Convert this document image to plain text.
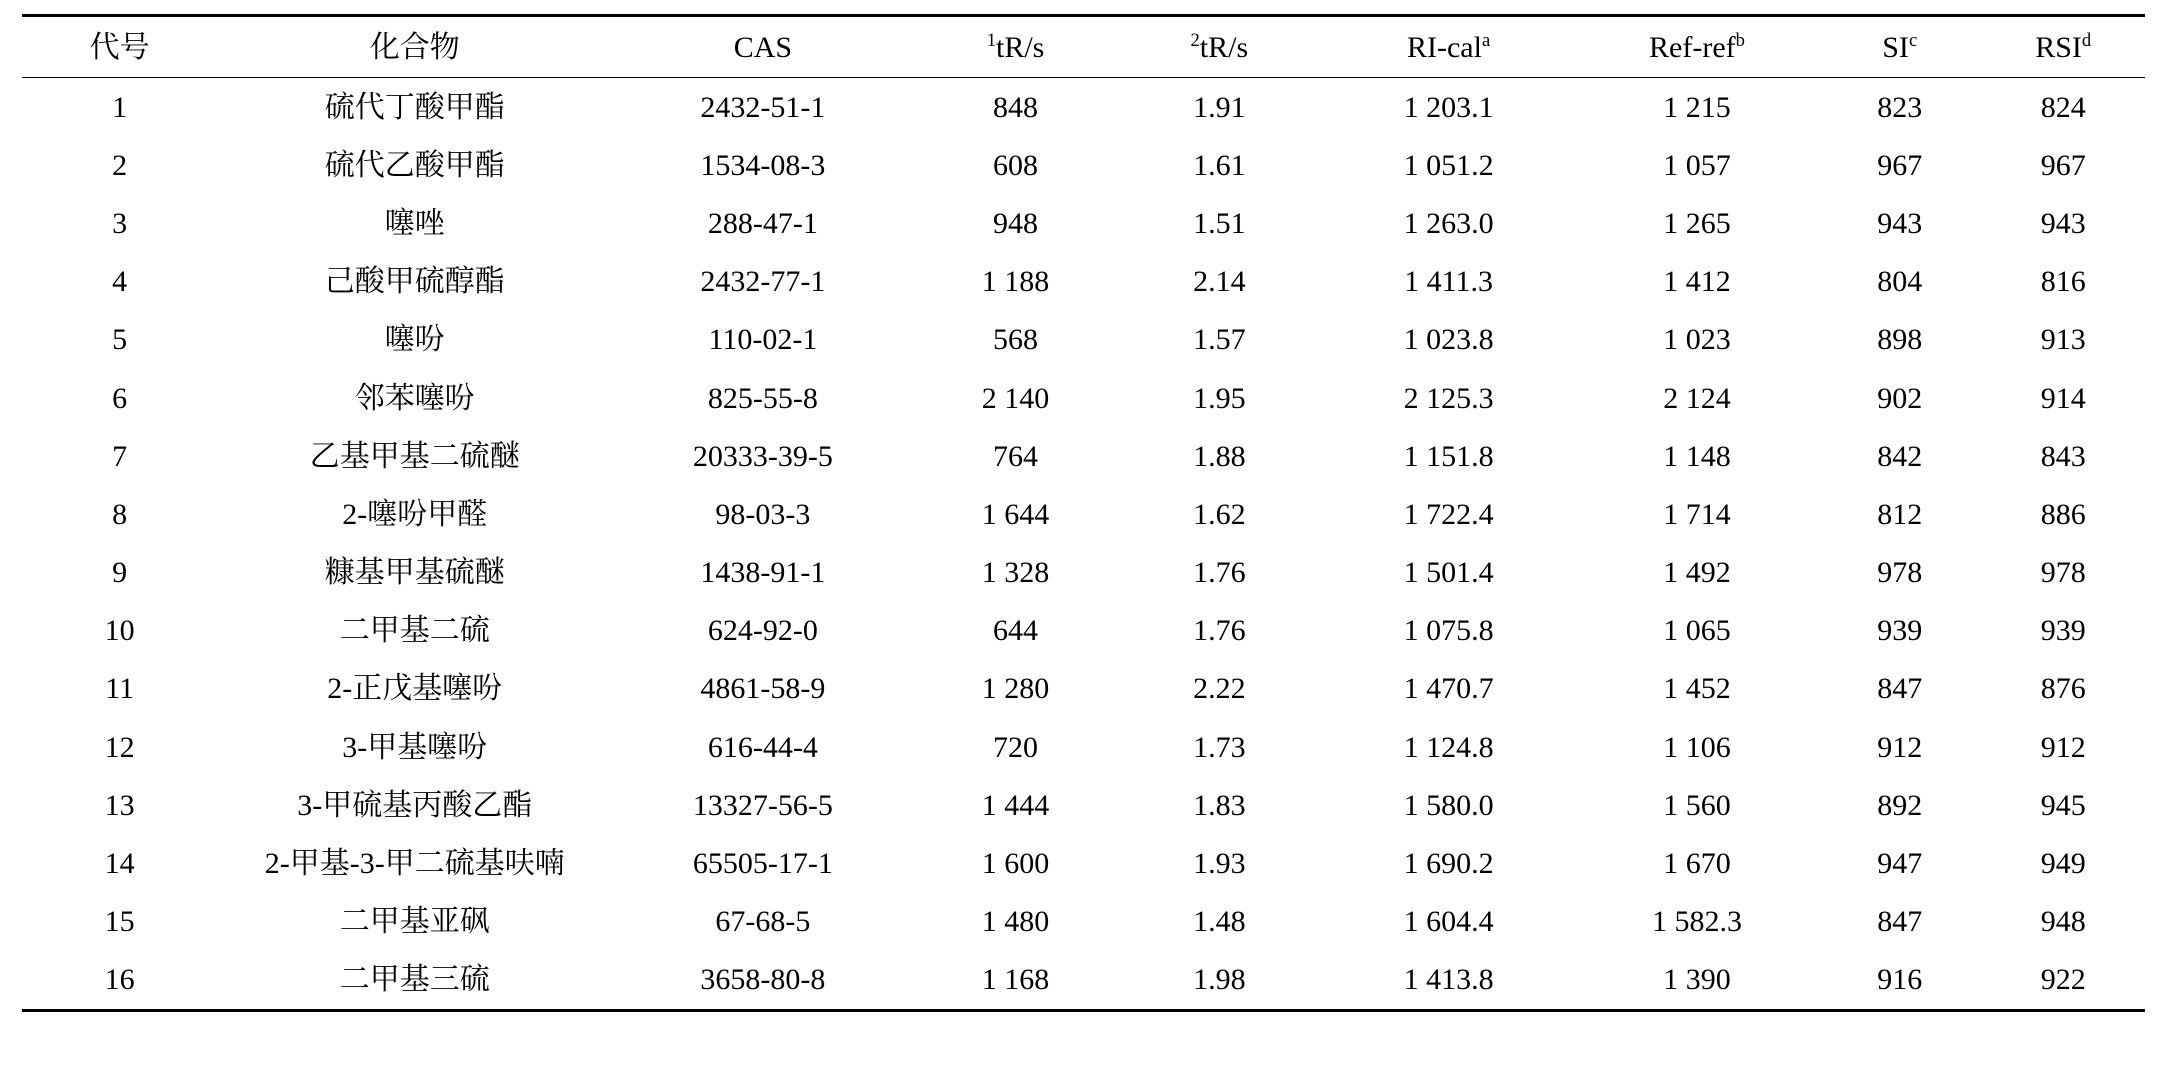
代号	化合物	CAS	$^1$tR/s	$^2$tR/s	RI-cal$^a$	Ref-ref$^b$	$SI^c$	RSI$^d$
1	硫代丁酸甲酯	2432-51-1	848	1.91	1 203.1	1 215	823	824
2	硫代乙酸甲酯	1534-08-3	608	1.61	1 051.2	1 057	967	967
3	噻唑	288-47-1	948	1.51	1 263.0	1 265	943	943
4	己酸甲硫醇酯	2432-77-1	1 188	2.14	1 411.3	1 412	804	816
5	噻吩	110-02-1	568	1.57	1 023.8	1 023	898	913
6	邻苯噻吩	825-55-8	2 140	1.95	2 125.3	2 124	902	914
7	乙基甲基二硫醚	20333-39-5	764	1.88	1 151.8	1 148	842	843
8	2-噻吩甲醛	98-03-3	1 644	1.62	1 722.4	1 714	812	886
9	糠基甲基硫醚	1438-91-1	1 328	1.76	1 501.4	1 492	978	978
10	二甲基二硫	624-92-0	644	1.76	1 075.8	1 065	939	939
11	2-正戊基噻吩	4861-58-9	1 280	2.22	1 470.7	1 452	847	876
12	3-甲基噻吩	616-44-4	720	1.73	1 124.8	1 106	912	912
13	3-甲硫基丙酸乙酯	13327-56-5	1 444	1.83	1 580.0	1 560	892	945
14	2-甲基-3-甲二硫基呋喃	65505-17-1	1 600	1.93	1 690.2	1 670	947	949
15	二甲基亚砜	67-68-5	1 480	1.48	1 604.4	1 582.3	847	948
16	二甲基三硫	3658-80-8	1 168	1.98	1 413.8	1 390	916	922
